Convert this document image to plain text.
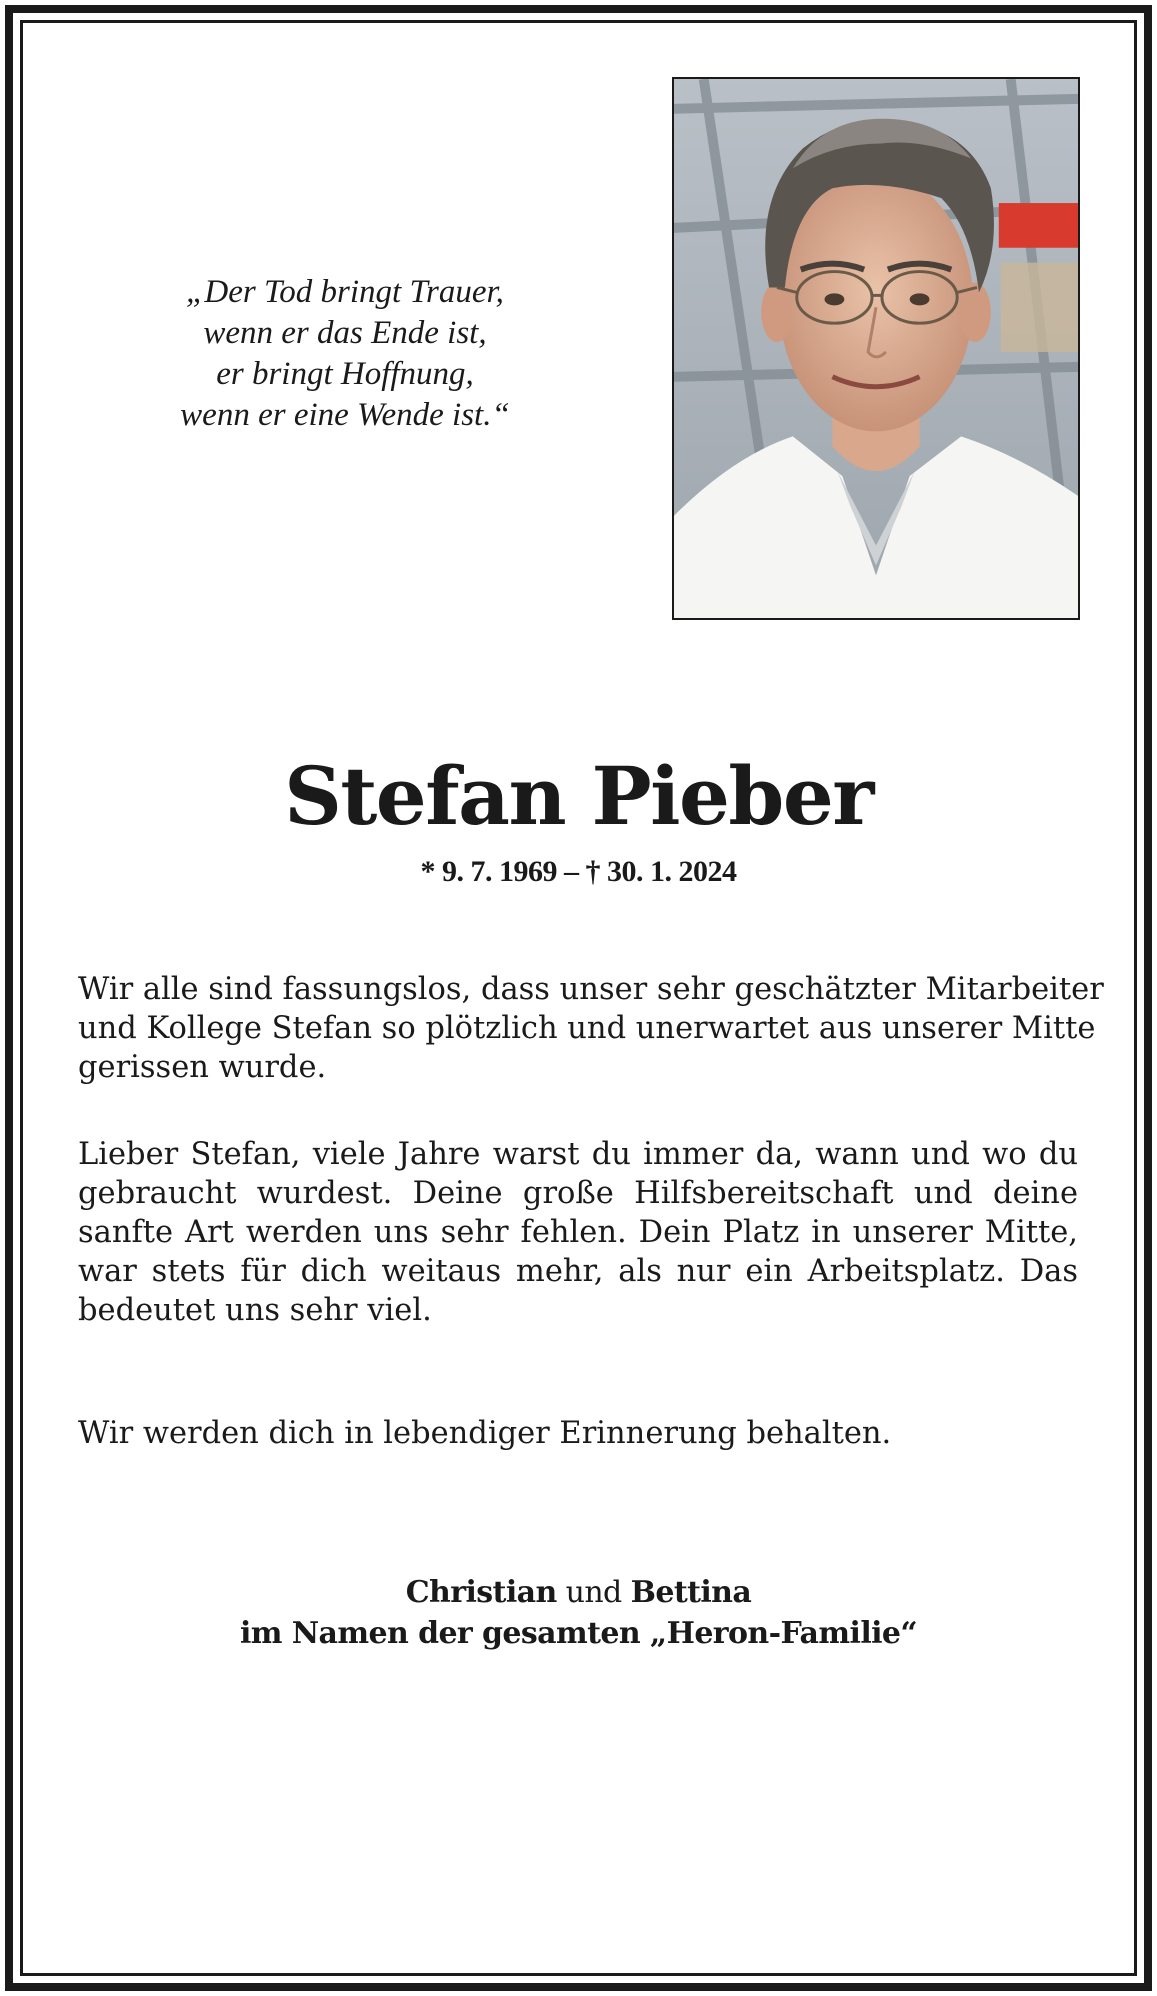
„Der Tod bringt Trauer,
wenn er das Ende ist,
er bringt Hoffnung,
wenn er eine Wende ist.“
Stefan Pieber
* 9. 7. 1969 – † 30. 1. 2024
Wir alle sind fassungslos, dass unser sehr geschätzter Mitarbeiter
und Kollege Stefan so plötzlich und unerwartet aus unserer Mitte
gerissen wurde.
Lieber Stefan, viele Jahre warst du immer da, wann und wo du
gebraucht wurdest. Deine große Hilfsbereitschaft und deine
sanfte Art werden uns sehr fehlen. Dein Platz in unserer Mitte,
war stets für dich weitaus mehr, als nur ein Arbeitsplatz. Das
bedeutet uns sehr viel.
Wir werden dich in lebendiger Erinnerung behalten.
Christian und Bettina
im Namen der gesamten „Heron-Familie“
